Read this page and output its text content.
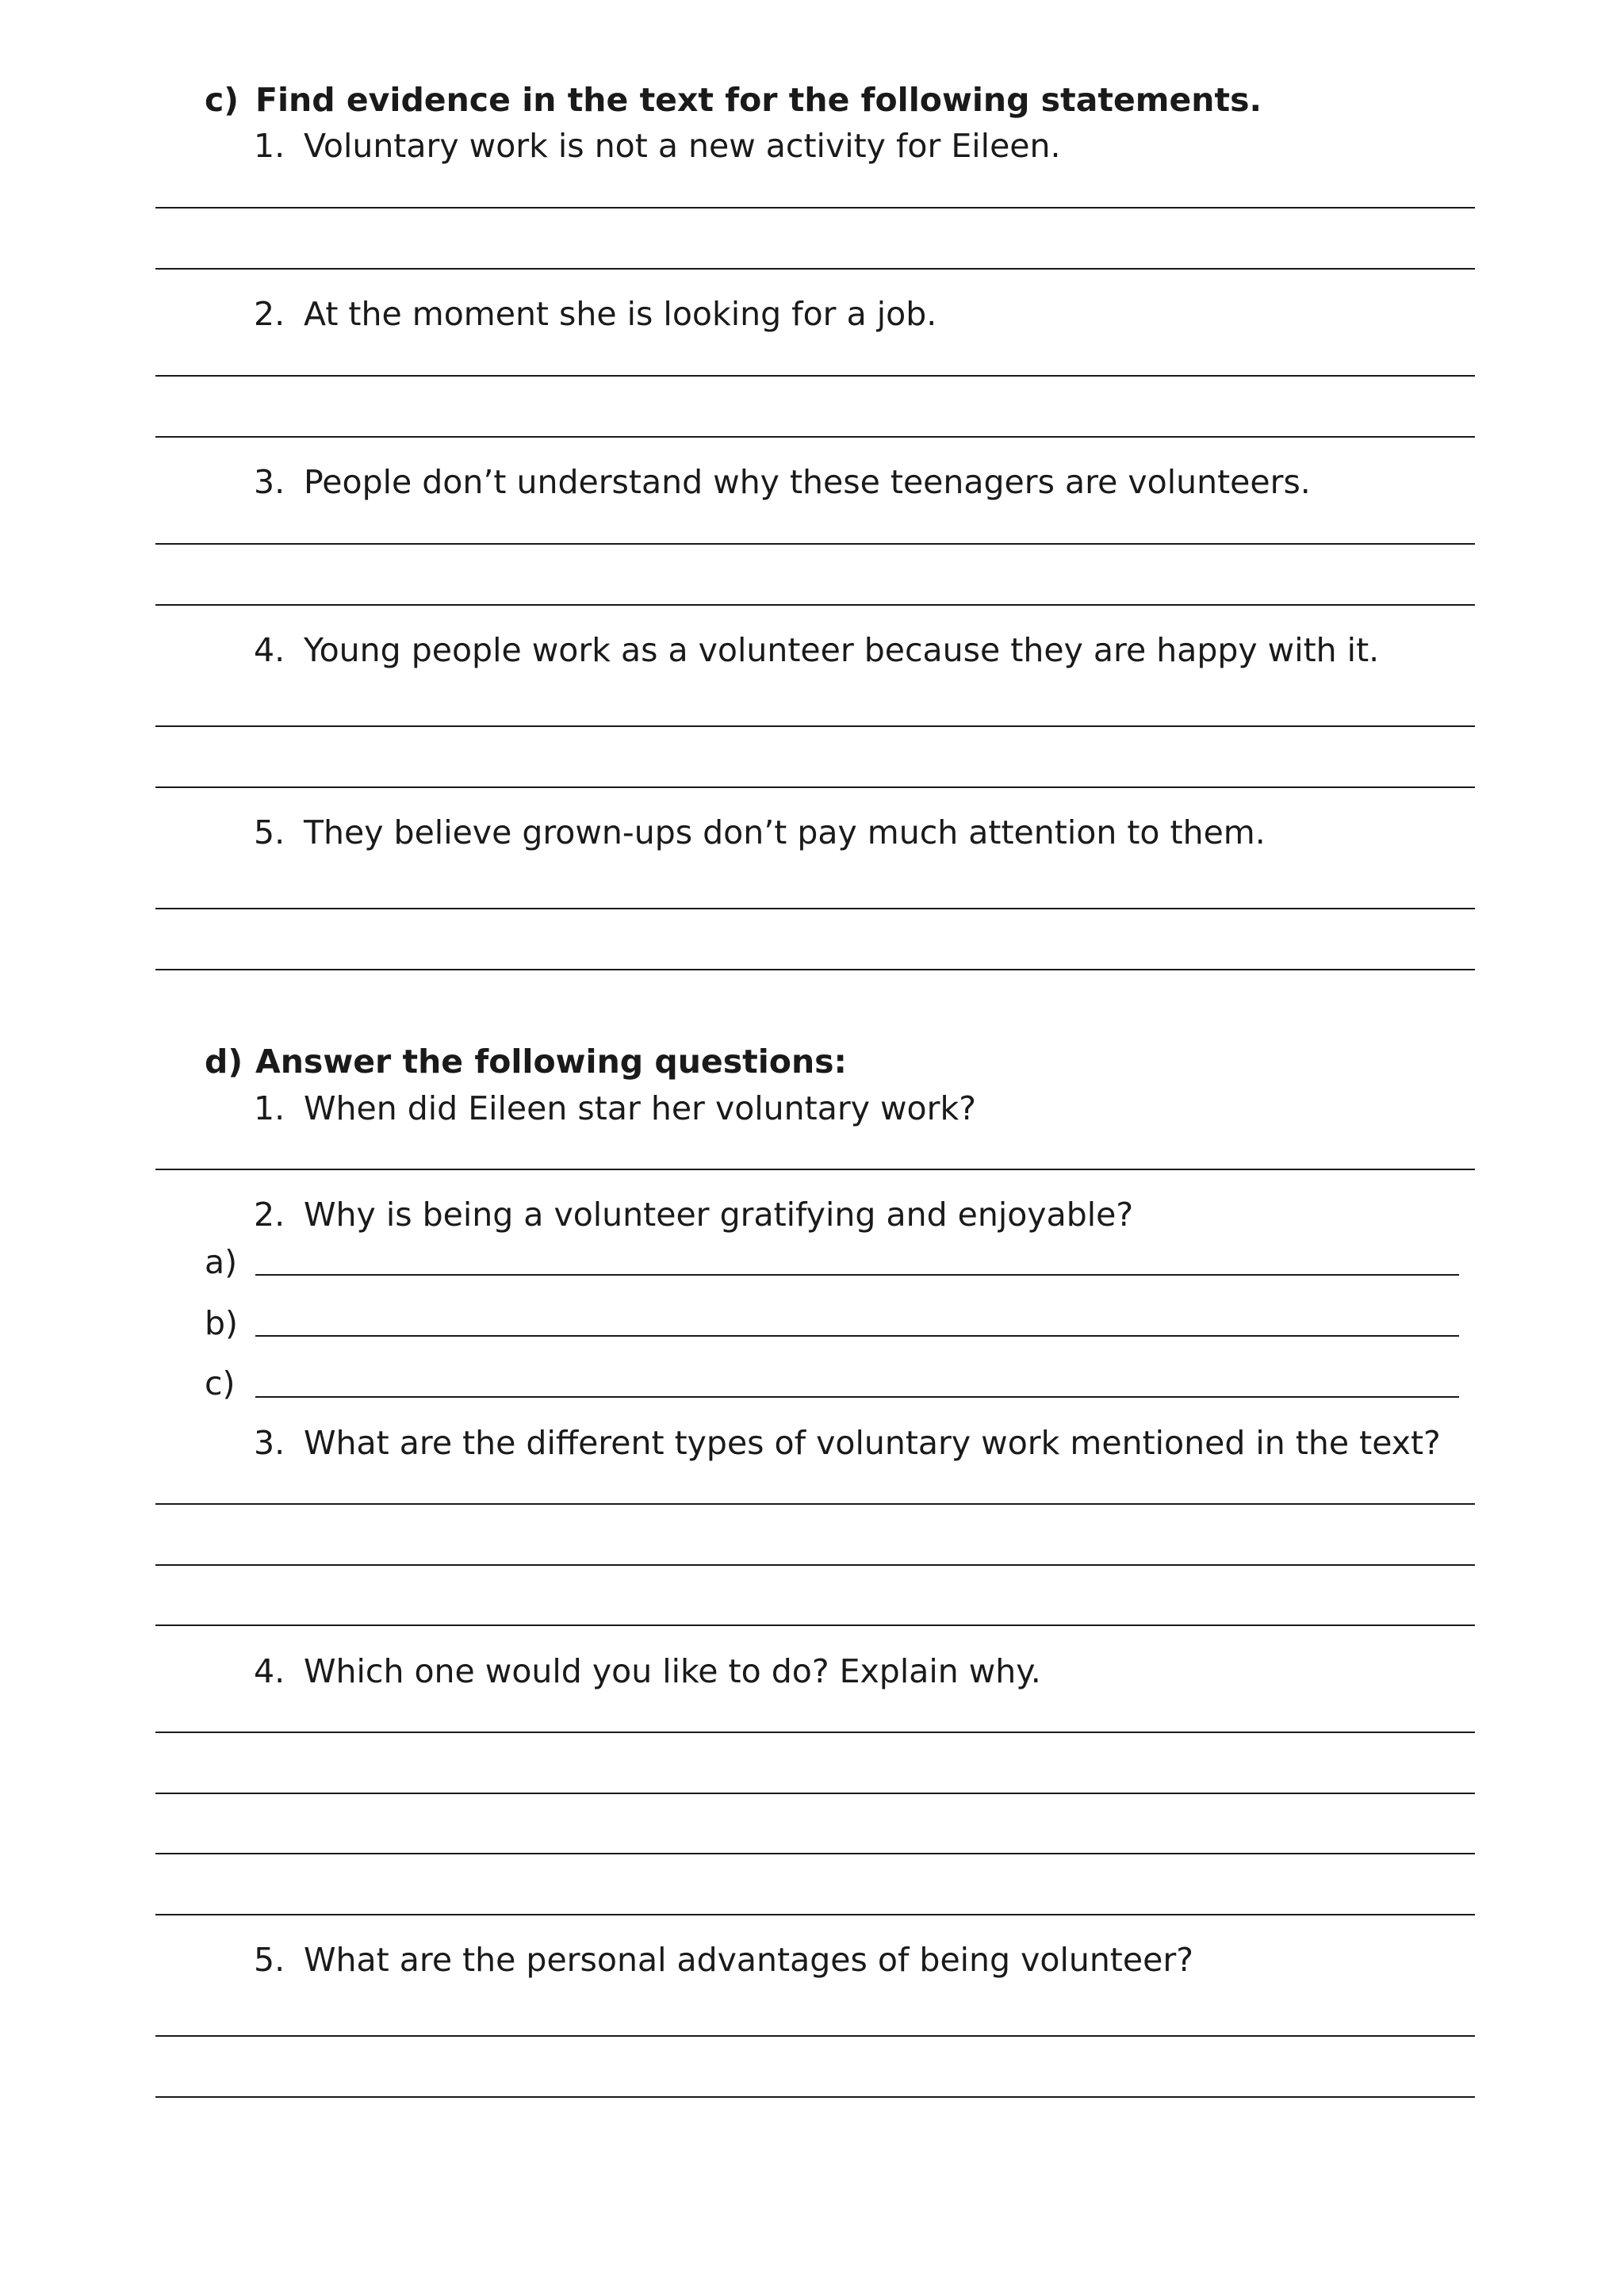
c) Find evidence in the text for the following statements.
1. Voluntary work is not a new activity for Eileen.
2. At the moment she is looking for a job.
3. People don’t understand why these teenagers are volunteers.
4. Young people work as a volunteer because they are happy with it.
5. They believe grown-ups don’t pay much attention to them.
d) Answer the following questions:
1. When did Eileen star her voluntary work?
2. Why is being a volunteer gratifying and enjoyable?
a)
b)
c)
3. What are the different types of voluntary work mentioned in the text?
4. Which one would you like to do? Explain why.
5. What are the personal advantages of being volunteer?
